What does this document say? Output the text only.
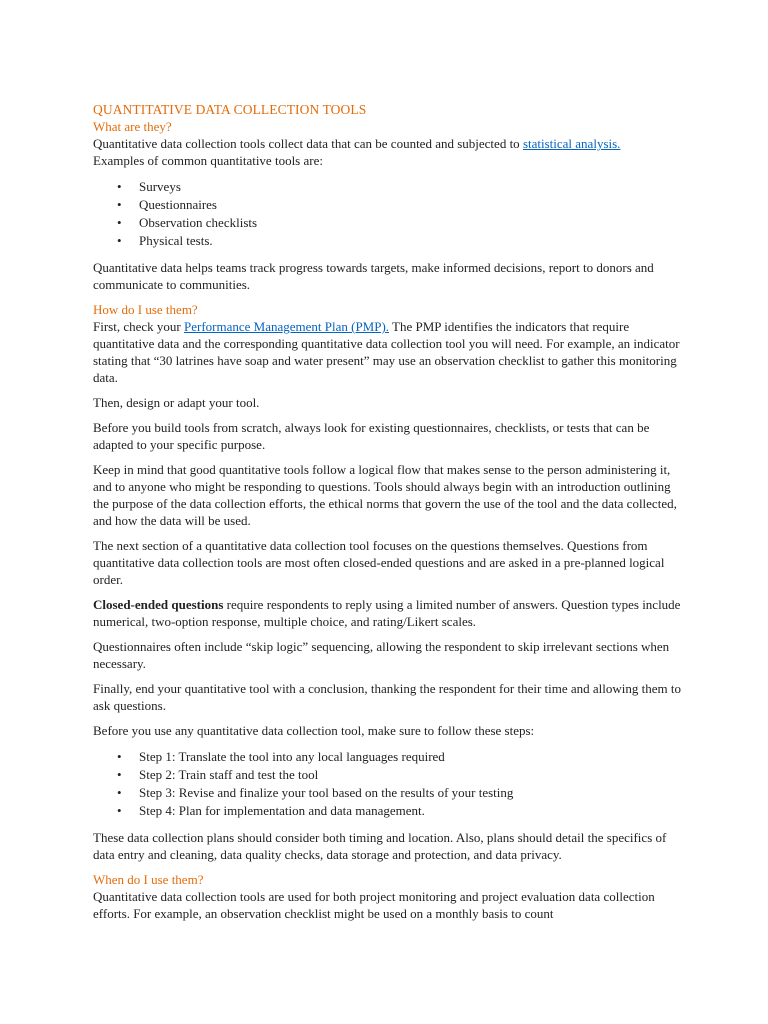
QUANTITATIVE DATA COLLECTION TOOLS
What are they?

Quantitative data collection tools collect data that can be counted and subjected to statistical analysis.
Examples of common quantitative tools are:

• Surveys
• Questionnaires
• Observation checklists
• Physical tests.

Quantitative data helps teams track progress towards targets, make informed decisions, report to donors and communicate to communities.

How do I use them?

First, check your Performance Management Plan (PMP). The PMP identifies the indicators that require quantitative data and the corresponding quantitative data collection tool you will need. For example, an indicator stating that “30 latrines have soap and water present” may use an observation checklist to gather this monitoring data.

Then, design or adapt your tool.

Before you build tools from scratch, always look for existing questionnaires, checklists, or tests that can be adapted to your specific purpose.

Keep in mind that good quantitative tools follow a logical flow that makes sense to the person administering it, and to anyone who might be responding to questions. Tools should always begin with an introduction outlining the purpose of the data collection efforts, the ethical norms that govern the use of the tool and the data collected, and how the data will be used.

The next section of a quantitative data collection tool focuses on the questions themselves. Questions from quantitative data collection tools are most often closed-ended questions and are asked in a pre-planned logical order.

Closed-ended questions require respondents to reply using a limited number of answers. Question types include numerical, two-option response, multiple choice, and rating/Likert scales.

Questionnaires often include “skip logic” sequencing, allowing the respondent to skip irrelevant sections when necessary.

Finally, end your quantitative tool with a conclusion, thanking the respondent for their time and allowing them to ask questions.

Before you use any quantitative data collection tool, make sure to follow these steps:

• Step 1: Translate the tool into any local languages required
• Step 2: Train staff and test the tool
• Step 3: Revise and finalize your tool based on the results of your testing
• Step 4: Plan for implementation and data management.

These data collection plans should consider both timing and location. Also, plans should detail the specifics of data entry and cleaning, data quality checks, data storage and protection, and data privacy.

When do I use them?

Quantitative data collection tools are used for both project monitoring and project evaluation data collection efforts. For example, an observation checklist might be used on a monthly basis to count
